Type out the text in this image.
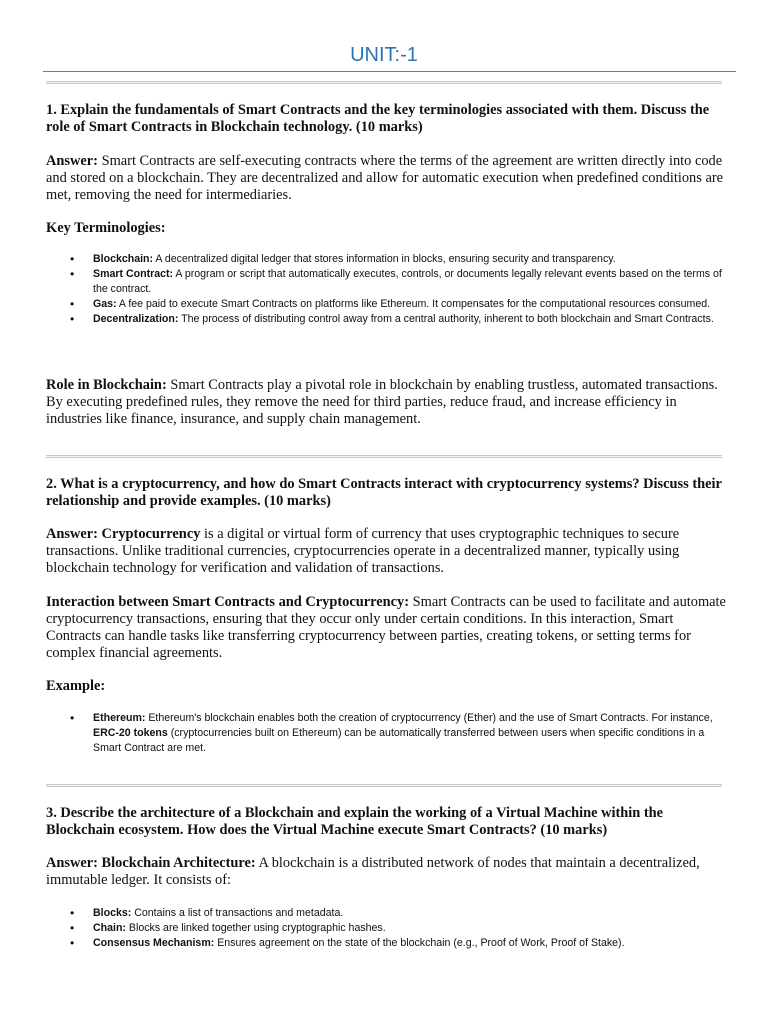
UNIT:-1

1. Explain the fundamentals of Smart Contracts and the key terminologies associated with them. Discuss the role of Smart Contracts in Blockchain technology. (10 marks)

Answer: Smart Contracts are self-executing contracts where the terms of the agreement are written directly into code and stored on a blockchain. They are decentralized and allow for automatic execution when predefined conditions are met, removing the need for intermediaries.

Key Terminologies:

• Blockchain: A decentralized digital ledger that stores information in blocks, ensuring security and transparency.
• Smart Contract: A program or script that automatically executes, controls, or documents legally relevant events based on the terms of the contract.
• Gas: A fee paid to execute Smart Contracts on platforms like Ethereum. It compensates for the computational resources consumed.
• Decentralization: The process of distributing control away from a central authority, inherent to both blockchain and Smart Contracts.

Role in Blockchain: Smart Contracts play a pivotal role in blockchain by enabling trustless, automated transactions. By executing predefined rules, they remove the need for third parties, reduce fraud, and increase efficiency in industries like finance, insurance, and supply chain management.

2. What is a cryptocurrency, and how do Smart Contracts interact with cryptocurrency systems? Discuss their relationship and provide examples. (10 marks)

Answer: Cryptocurrency is a digital or virtual form of currency that uses cryptographic techniques to secure transactions. Unlike traditional currencies, cryptocurrencies operate in a decentralized manner, typically using blockchain technology for verification and validation of transactions.

Interaction between Smart Contracts and Cryptocurrency: Smart Contracts can be used to facilitate and automate cryptocurrency transactions, ensuring that they occur only under certain conditions. In this interaction, Smart Contracts can handle tasks like transferring cryptocurrency between parties, creating tokens, or setting terms for complex financial agreements.

Example:

• Ethereum: Ethereum's blockchain enables both the creation of cryptocurrency (Ether) and the use of Smart Contracts. For instance, ERC-20 tokens (cryptocurrencies built on Ethereum) can be automatically transferred between users when specific conditions in a Smart Contract are met.

3. Describe the architecture of a Blockchain and explain the working of a Virtual Machine within the Blockchain ecosystem. How does the Virtual Machine execute Smart Contracts? (10 marks)

Answer: Blockchain Architecture: A blockchain is a distributed network of nodes that maintain a decentralized, immutable ledger. It consists of:

• Blocks: Contains a list of transactions and metadata.
• Chain: Blocks are linked together using cryptographic hashes.
• Consensus Mechanism: Ensures agreement on the state of the blockchain (e.g., Proof of Work, Proof of Stake).
